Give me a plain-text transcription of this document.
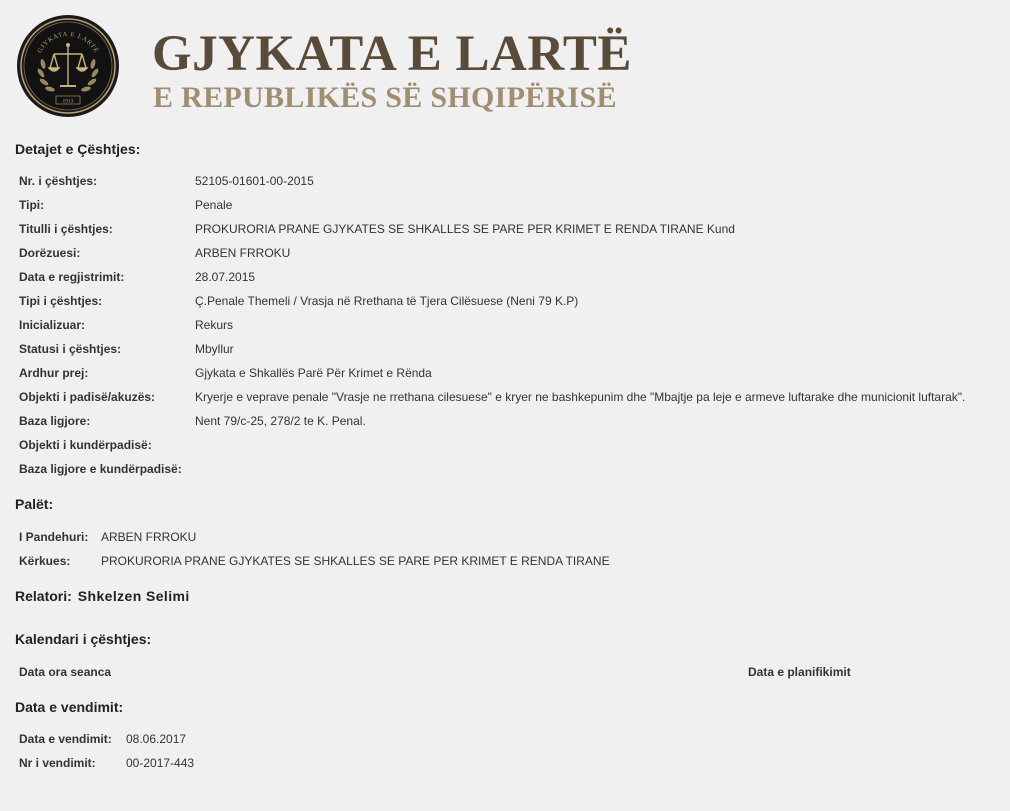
GJYKATA E LARTË
1913
GJYKATA E LARTË
E REPUBLIKËS SË SHQIPËRISË
Detajet e Çështjes:
Nr. i çështjes:	52105-01601-00-2015
Tipi:	Penale
Titulli i çështjes:	PROKURORIA PRANE GJYKATES SE SHKALLES SE PARE PER KRIMET E RENDA TIRANE Kund
Dorëzuesi:	ARBEN FRROKU
Data e regjistrimit:	28.07.2015
Tipi i çështjes:	Ç.Penale Themeli / Vrasja në Rrethana të Tjera Cilësuese (Neni 79 K.P)
Inicializuar:	Rekurs
Statusi i çështjes:	Mbyllur
Ardhur prej:	Gjykata e Shkallës Parë Për Krimet e Rënda
Objekti i padisë/akuzës:	Kryerje e veprave penale "Vrasje ne rrethana cilesuese" e kryer ne bashkepunim dhe "Mbajtje pa leje e armeve luftarake dhe municionit luftarak".
Baza ligjore:	Nent 79/c-25, 278/2 te K. Penal.
Objekti i kundërpadisë:
Baza ligjore e kundërpadisë:
Palët:
I Pandehuri: ARBEN FRROKU
Kërkues:	PROKURORIA PRANE GJYKATES SE SHKALLES SE PARE PER KRIMET E RENDA TIRANE
Relatori: Shkelzen Selimi
Kalendari i çështjes:
Data ora seanca	Data e planifikimit
Data e vendimit:
Data e vendimit: 08.06.2017
Nr i vendimit:	00-2017-443
